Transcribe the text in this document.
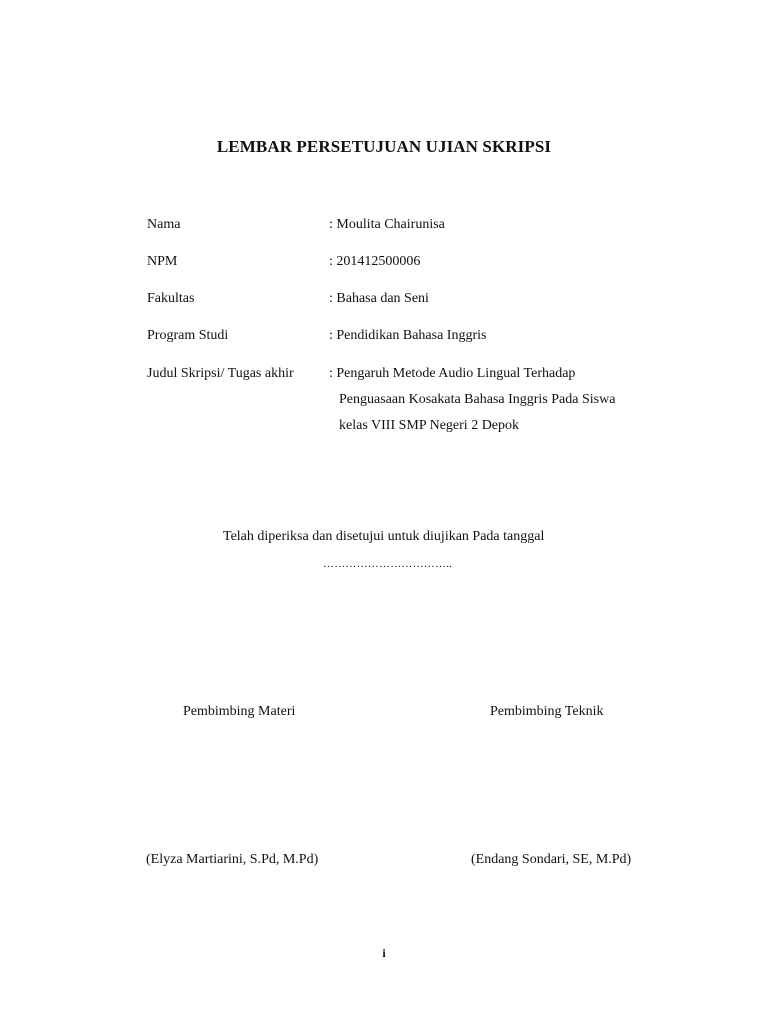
LEMBAR PERSETUJUAN UJIAN SKRIPSI
Nama	: Moulita Chairunisa
NPM	: 201412500006
Fakultas	: Bahasa dan Seni
Program Studi	: Pendidikan Bahasa Inggris
Judul Skripsi/ Tugas akhir	: Pengaruh Metode Audio Lingual Terhadap
Penguasaan Kosakata Bahasa Inggris Pada Siswa
kelas VIII SMP Negeri 2 Depok
Telah diperiksa dan disetujui untuk diujikan Pada tanggal
……………………………..
Pembimbing Materi	Pembimbing Teknik
(Elyza Martiarini, S.Pd, M.Pd)	(Endang Sondari, SE, M.Pd)
i
